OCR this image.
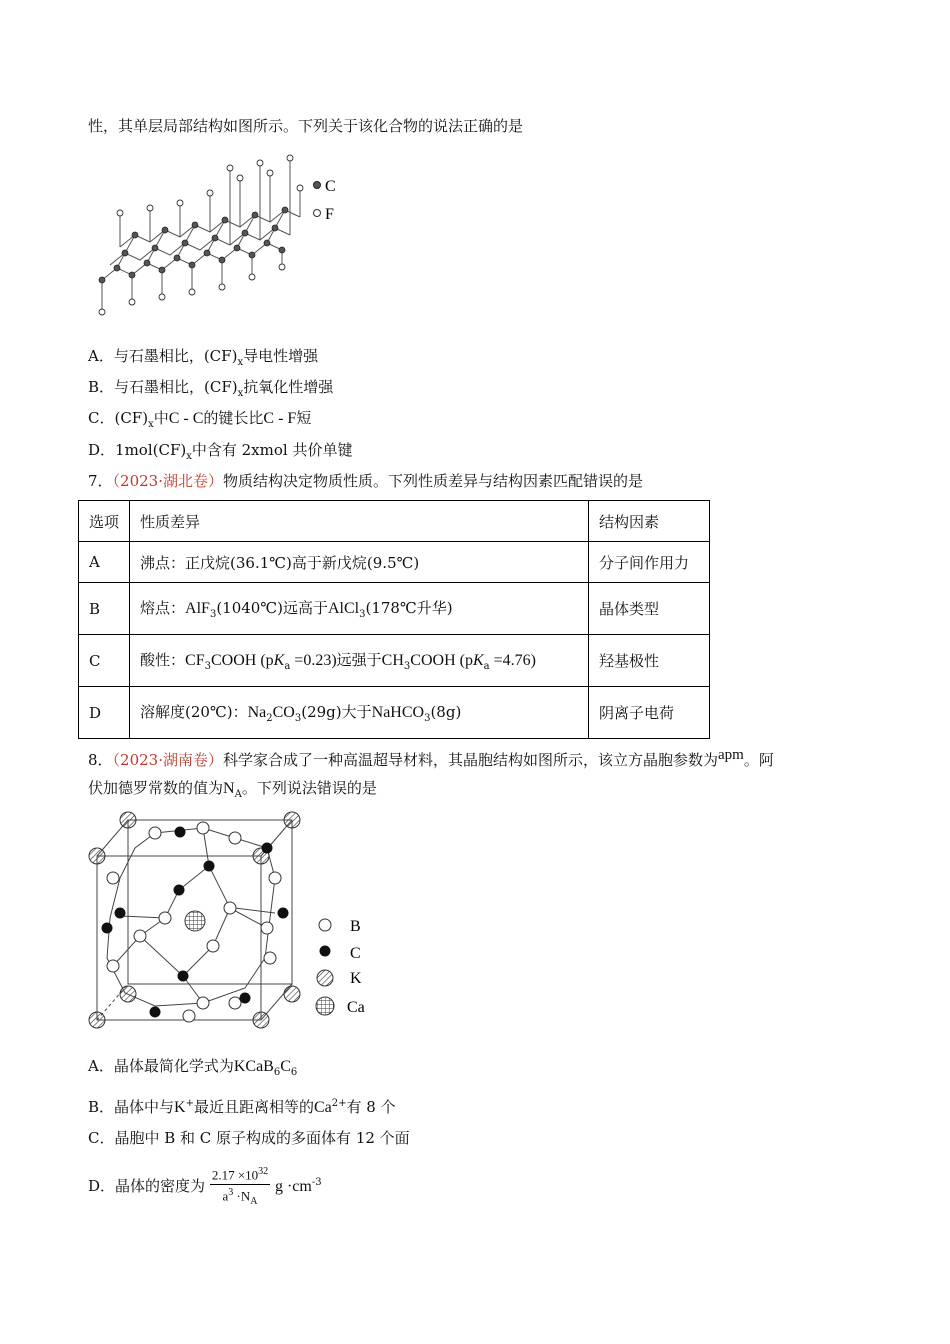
性，其单层局部结构如图所示。下列关于该化合物的说法正确的是
C
F
A．与石墨相比，$(CF)_x$导电性增强
B．与石墨相比，$(CF)_x$抗氧化性增强
C．$(CF)_x$中C - C的键长比C - F短
D．$1mol(CF)_x$中含有 2xmol 共价单键
7．（2023·湖北卷）物质结构决定物质性质。下列性质差异与结构因素匹配错误的是
选项	性质差异	结构因素
A	沸点：正戊烷(36.1℃)高于新戊烷(9.5℃)	分子间作用力
B	熔点：AlF$_3$(1040℃)远高于AlCl$_3$(178℃升华)	晶体类型
C	酸性：$CF_3COOH$ $(pK_a =0.23)$远强于$CH_3COOH$ $(pK_a =4.76)$	羟基极性
D	溶解度(20℃)：$Na_2CO_3(29g)$大于NaHCO$_3$(8g)	阴离子电荷
8．（2023·湖南卷）科学家合成了一种高温超导材料，其晶胞结构如图所示，该立方晶胞参数为$^{apm}$。阿
伏加德罗常数的值为$N_A$。下列说法错误的是
B
C
K
Ca
A．晶体最简化学式为$KCaB_6C_6$
B．晶体中与K+最近且距离相等的$Ca^{2+}$有 8 个
C．晶胞中 B 和 C 原子构成的多面体有 12 个面
D．晶体的密度为 $\frac{2.17 \times 10^{32}}{a^3 \cdot N_A}$ $g \cdot cm^{-3}$
